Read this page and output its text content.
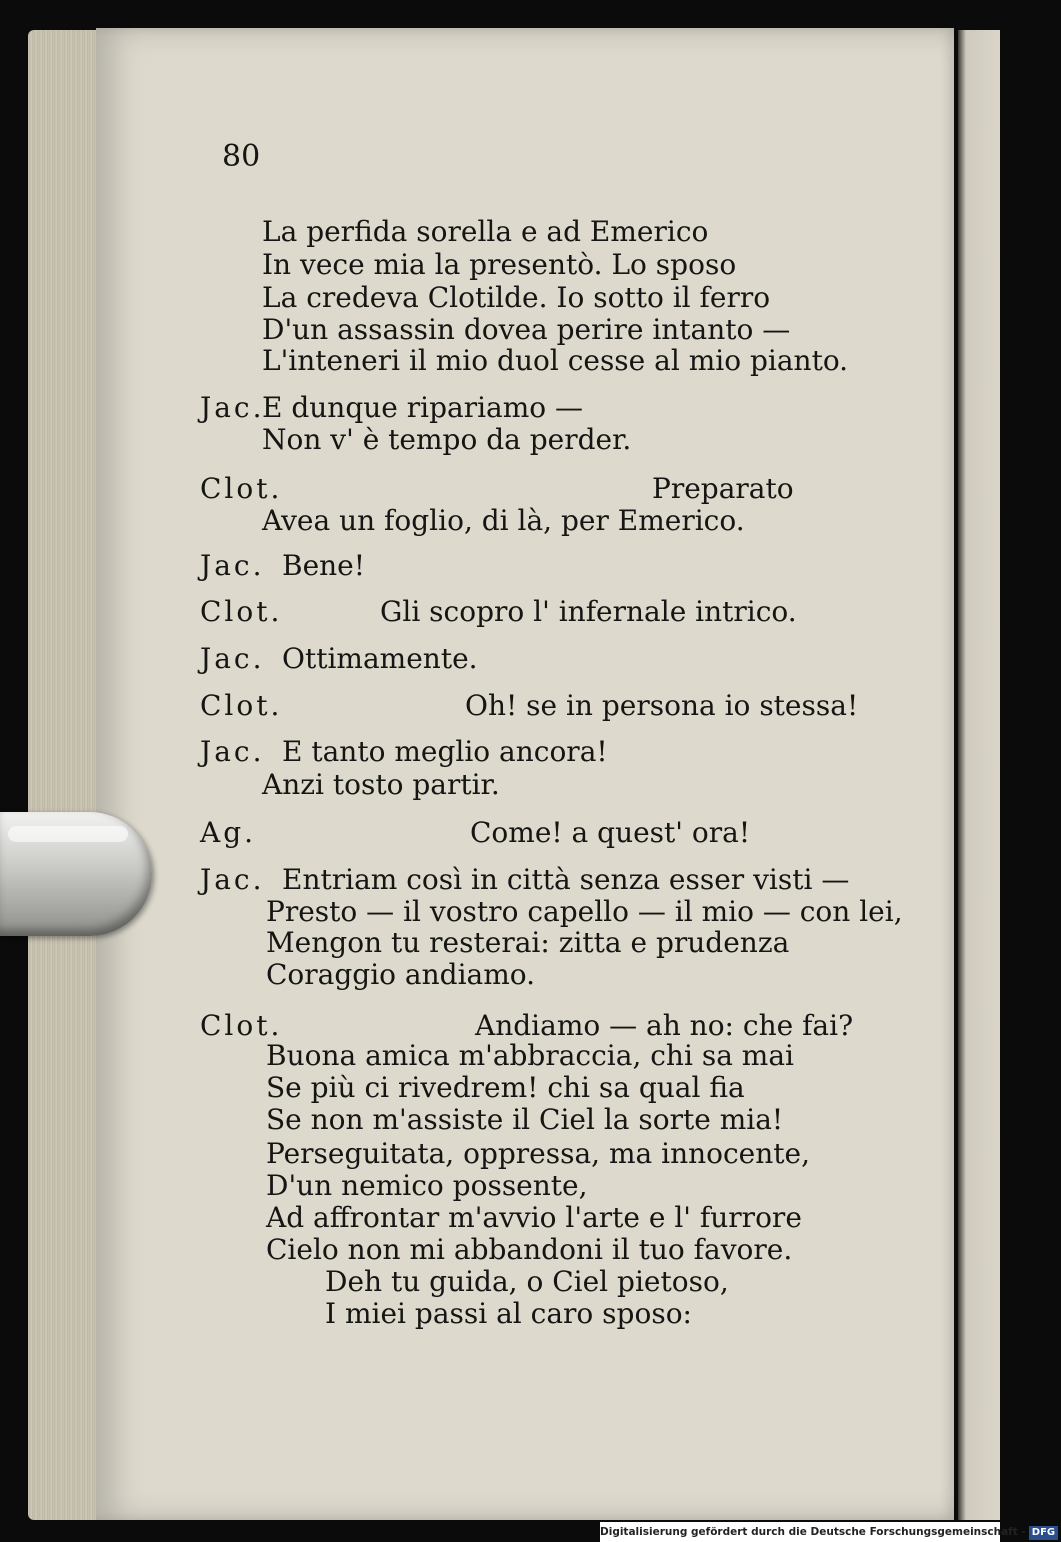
80
La perfida sorella e ad Emerico
In vece mia la presentò. Lo sposo
La credeva Clotilde. Io sotto il ferro
D'un assassin dovea perire intanto —
L'inteneri il mio duol cesse al mio pianto.
Jac.
E dunque ripariamo —
Non v' è tempo da perder.
Clot.	Preparato
Avea un foglio, di là, per Emerico.
Jac. Bene!
Clot.	Gli scopro l' infernale intrico.
Jac. Ottimamente.
Clot.	Oh! se in persona io stessa!
Jac. E tanto meglio ancora!
Anzi tosto partir.
Ag.	Come! a quest' ora!
Jac. Entriam così in città senza esser visti —
Presto — il vostro capello — il mio — con lei,
Mengon tu resterai: zitta e prudenza
Coraggio andiamo.
Clot.	Andiamo — ah no: che fai?
Buona amica m'abbraccia, chi sa mai
Se più ci rivedrem! chi sa qual fia
Se non m'assiste il Ciel la sorte mia!
Perseguitata, oppressa, ma innocente,
D'un nemico possente,
Ad affrontar m'avvio l'arte e l' furrore
Cielo non mi abbandoni il tuo favore.
Deh tu guida, o Ciel pietoso,
I miei passi al caro sposo:
Digitalisierung gefördert durch die Deutsche Forschungsgemeinschaft - DFG
